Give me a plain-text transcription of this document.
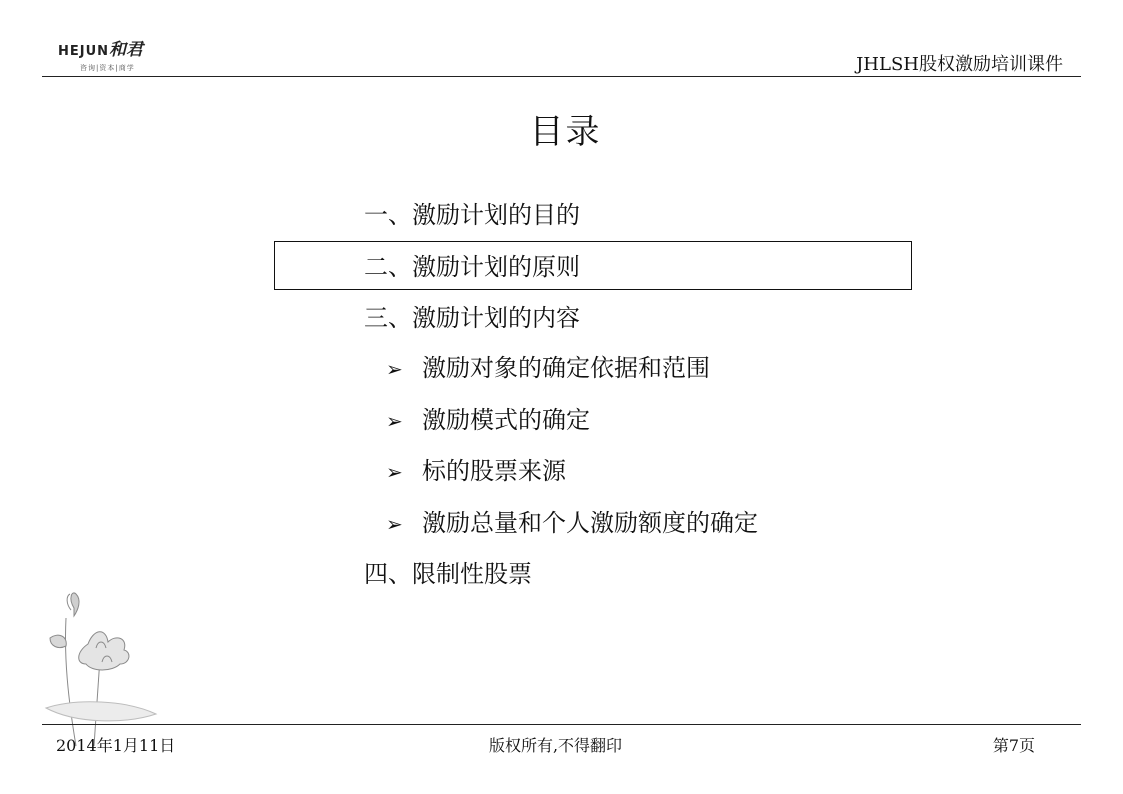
HEJUN和君
咨询|资本|商学	JHLSH股权激励培训课件
目录
一、激励计划的目的
二、激励计划的原则
三、激励计划的内容
➢ 激励对象的确定依据和范围
➢ 激励模式的确定
➢ 标的股票来源
➢ 激励总量和个人激励额度的确定
四、限制性股票
2014年1月11日	版权所有,不得翻印	第7页
